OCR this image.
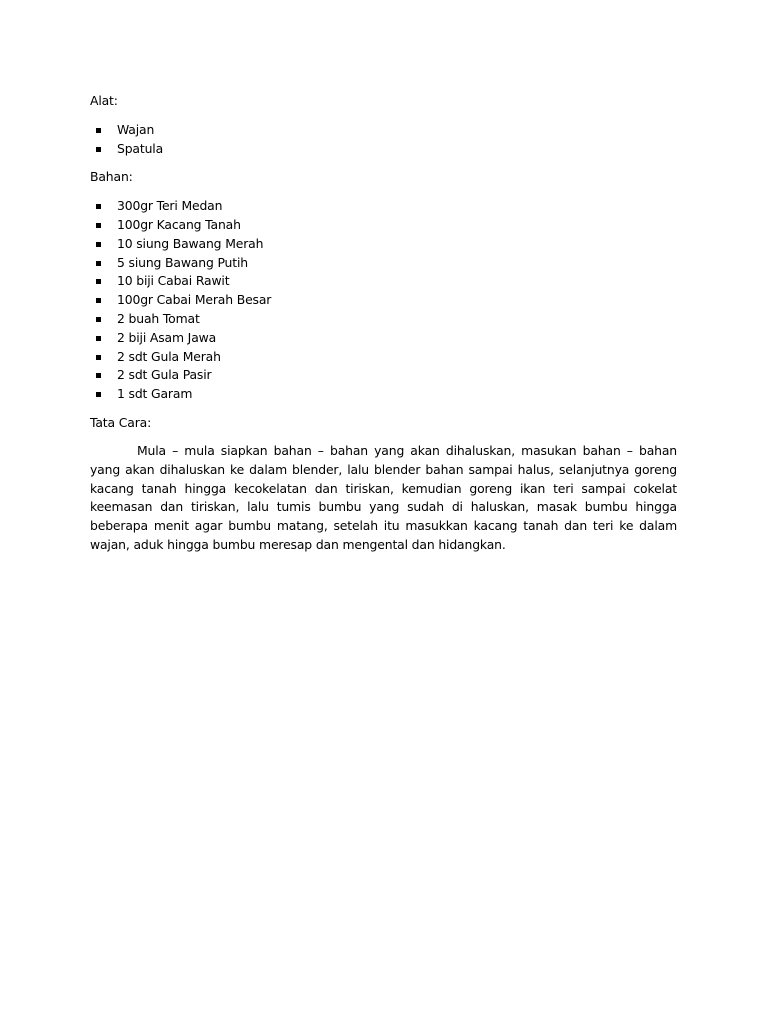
Alat:

Wajan
Spatula

Bahan:

300gr Teri Medan
100gr Kacang Tanah
10 siung Bawang Merah
5 siung Bawang Putih
10 biji Cabai Rawit
100gr Cabai Merah Besar
2 buah Tomat
2 biji Asam Jawa
2 sdt Gula Merah
2 sdt Gula Pasir
1 sdt Garam

Tata Cara:

Mula – mula siapkan bahan – bahan yang akan dihaluskan, masukan bahan – bahan yang akan dihaluskan ke dalam blender, lalu blender bahan sampai halus, selanjutnya goreng kacang tanah hingga kecokelatan dan tiriskan, kemudian goreng ikan teri sampai cokelat keemasan dan tiriskan, lalu tumis bumbu yang sudah di haluskan, masak bumbu hingga beberapa menit agar bumbu matang, setelah itu masukkan kacang tanah dan teri ke dalam wajan, aduk hingga bumbu meresap dan mengental dan hidangkan.
